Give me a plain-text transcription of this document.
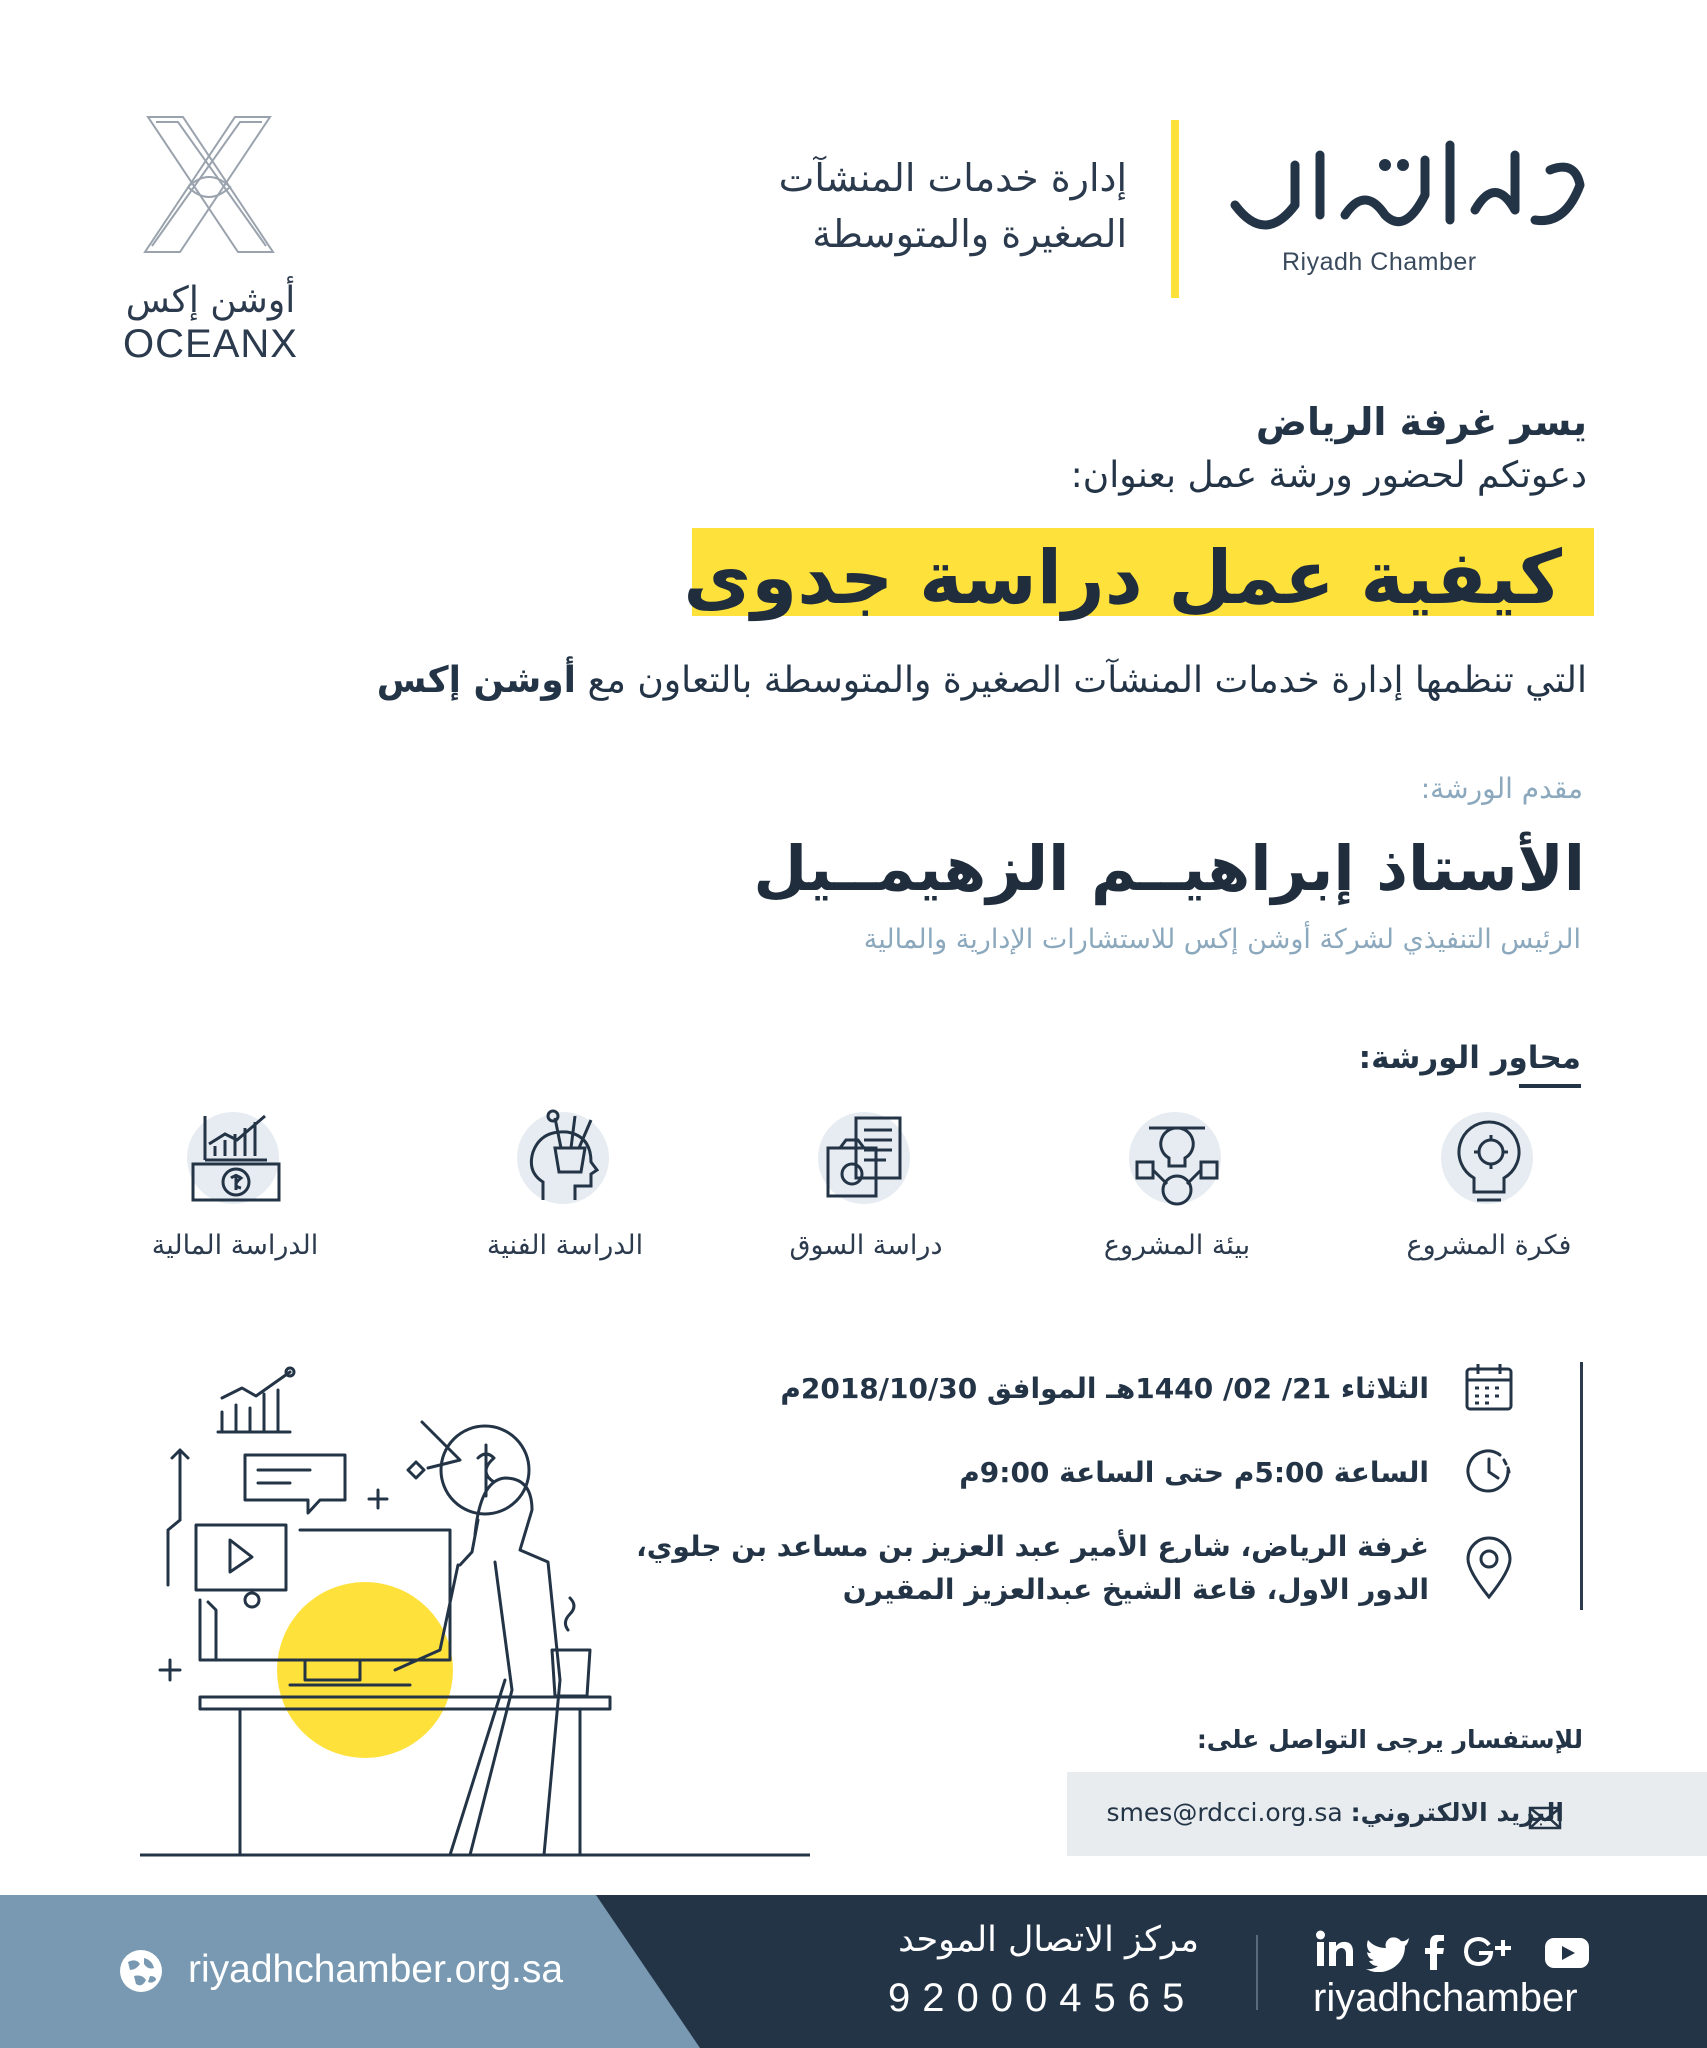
إدارة خدمات المنشآت
الصغيرة والمتوسطة
Riyadh Chamber
أوشن إكس
OCEANX
يسر غرفة الرياض
دعوتكم لحضور ورشة عمل بعنوان:
كيفية عمل دراسة جدوى
التي تنظمها إدارة خدمات المنشآت الصغيرة والمتوسطة بالتعاون مع أوشن إكس
مقدم الورشة:
الأستاذ إبراهيــم الزهيمــيل
الرئيس التنفيذي لشركة أوشن إكس للاستشارات الإدارية والمالية
محاور الورشة:
فكرة المشروع
بيئة المشروع
دراسة السوق
الدراسة الفنية
الدراسة المالية
الثلاثاء 21/ 02/ 1440هـ الموافق 2018/10/30م
الساعة 5:00م حتى الساعة 9:00م
غرفة الرياض، شارع الأمير عبد العزيز بن مساعد بن جلوي،
الدور الاول، قاعة الشيخ عبدالعزيز المقيرن
للإستفسار يرجى التواصل على:
البريد الالكتروني: smes@rdcci.org.sa
riyadhchamber.org.sa
مركز الاتصال الموحد
920004565	riyadhchamber
